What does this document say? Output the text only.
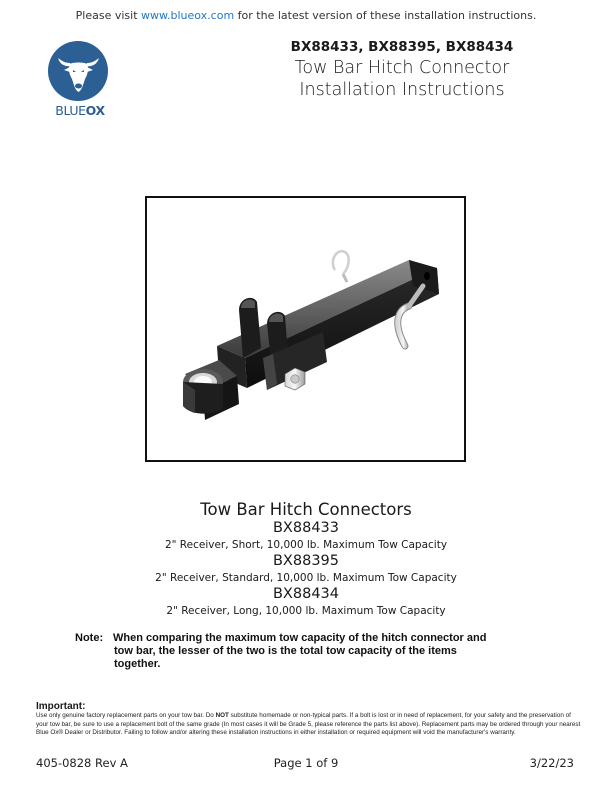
Please visit www.blueox.com for the latest version of these installation instructions.
BLUEOX
BX88433, BX88395, BX88434
Tow Bar Hitch Connector
Installation Instructions
Tow Bar Hitch Connectors
BX88433
2" Receiver, Short, 10,000 lb. Maximum Tow Capacity
BX88395
2" Receiver, Standard, 10,000 lb. Maximum Tow Capacity
BX88434
2" Receiver, Long, 10,000 lb. Maximum Tow Capacity
Note: When comparing the maximum tow capacity of the hitch connector and
tow bar, the lesser of the two is the total tow capacity of the items
together.
Important:
Use only genuine factory replacement parts on your tow bar. Do NOT substitute homemade or non-typical parts. If a bolt is lost or in need of replacement, for your safety and the preservation of your tow bar, be sure to use a replacement bolt of the same grade (In most cases it will be Grade 5, please reference the parts list above). Replacement parts may be ordered through your nearest Blue Ox® Dealer or Distributor. Failing to follow and/or altering these installation instructions in either installation or required equipment will void the manufacturer's warranty.
405-0828 Rev A	Page 1 of 9	3/22/23
